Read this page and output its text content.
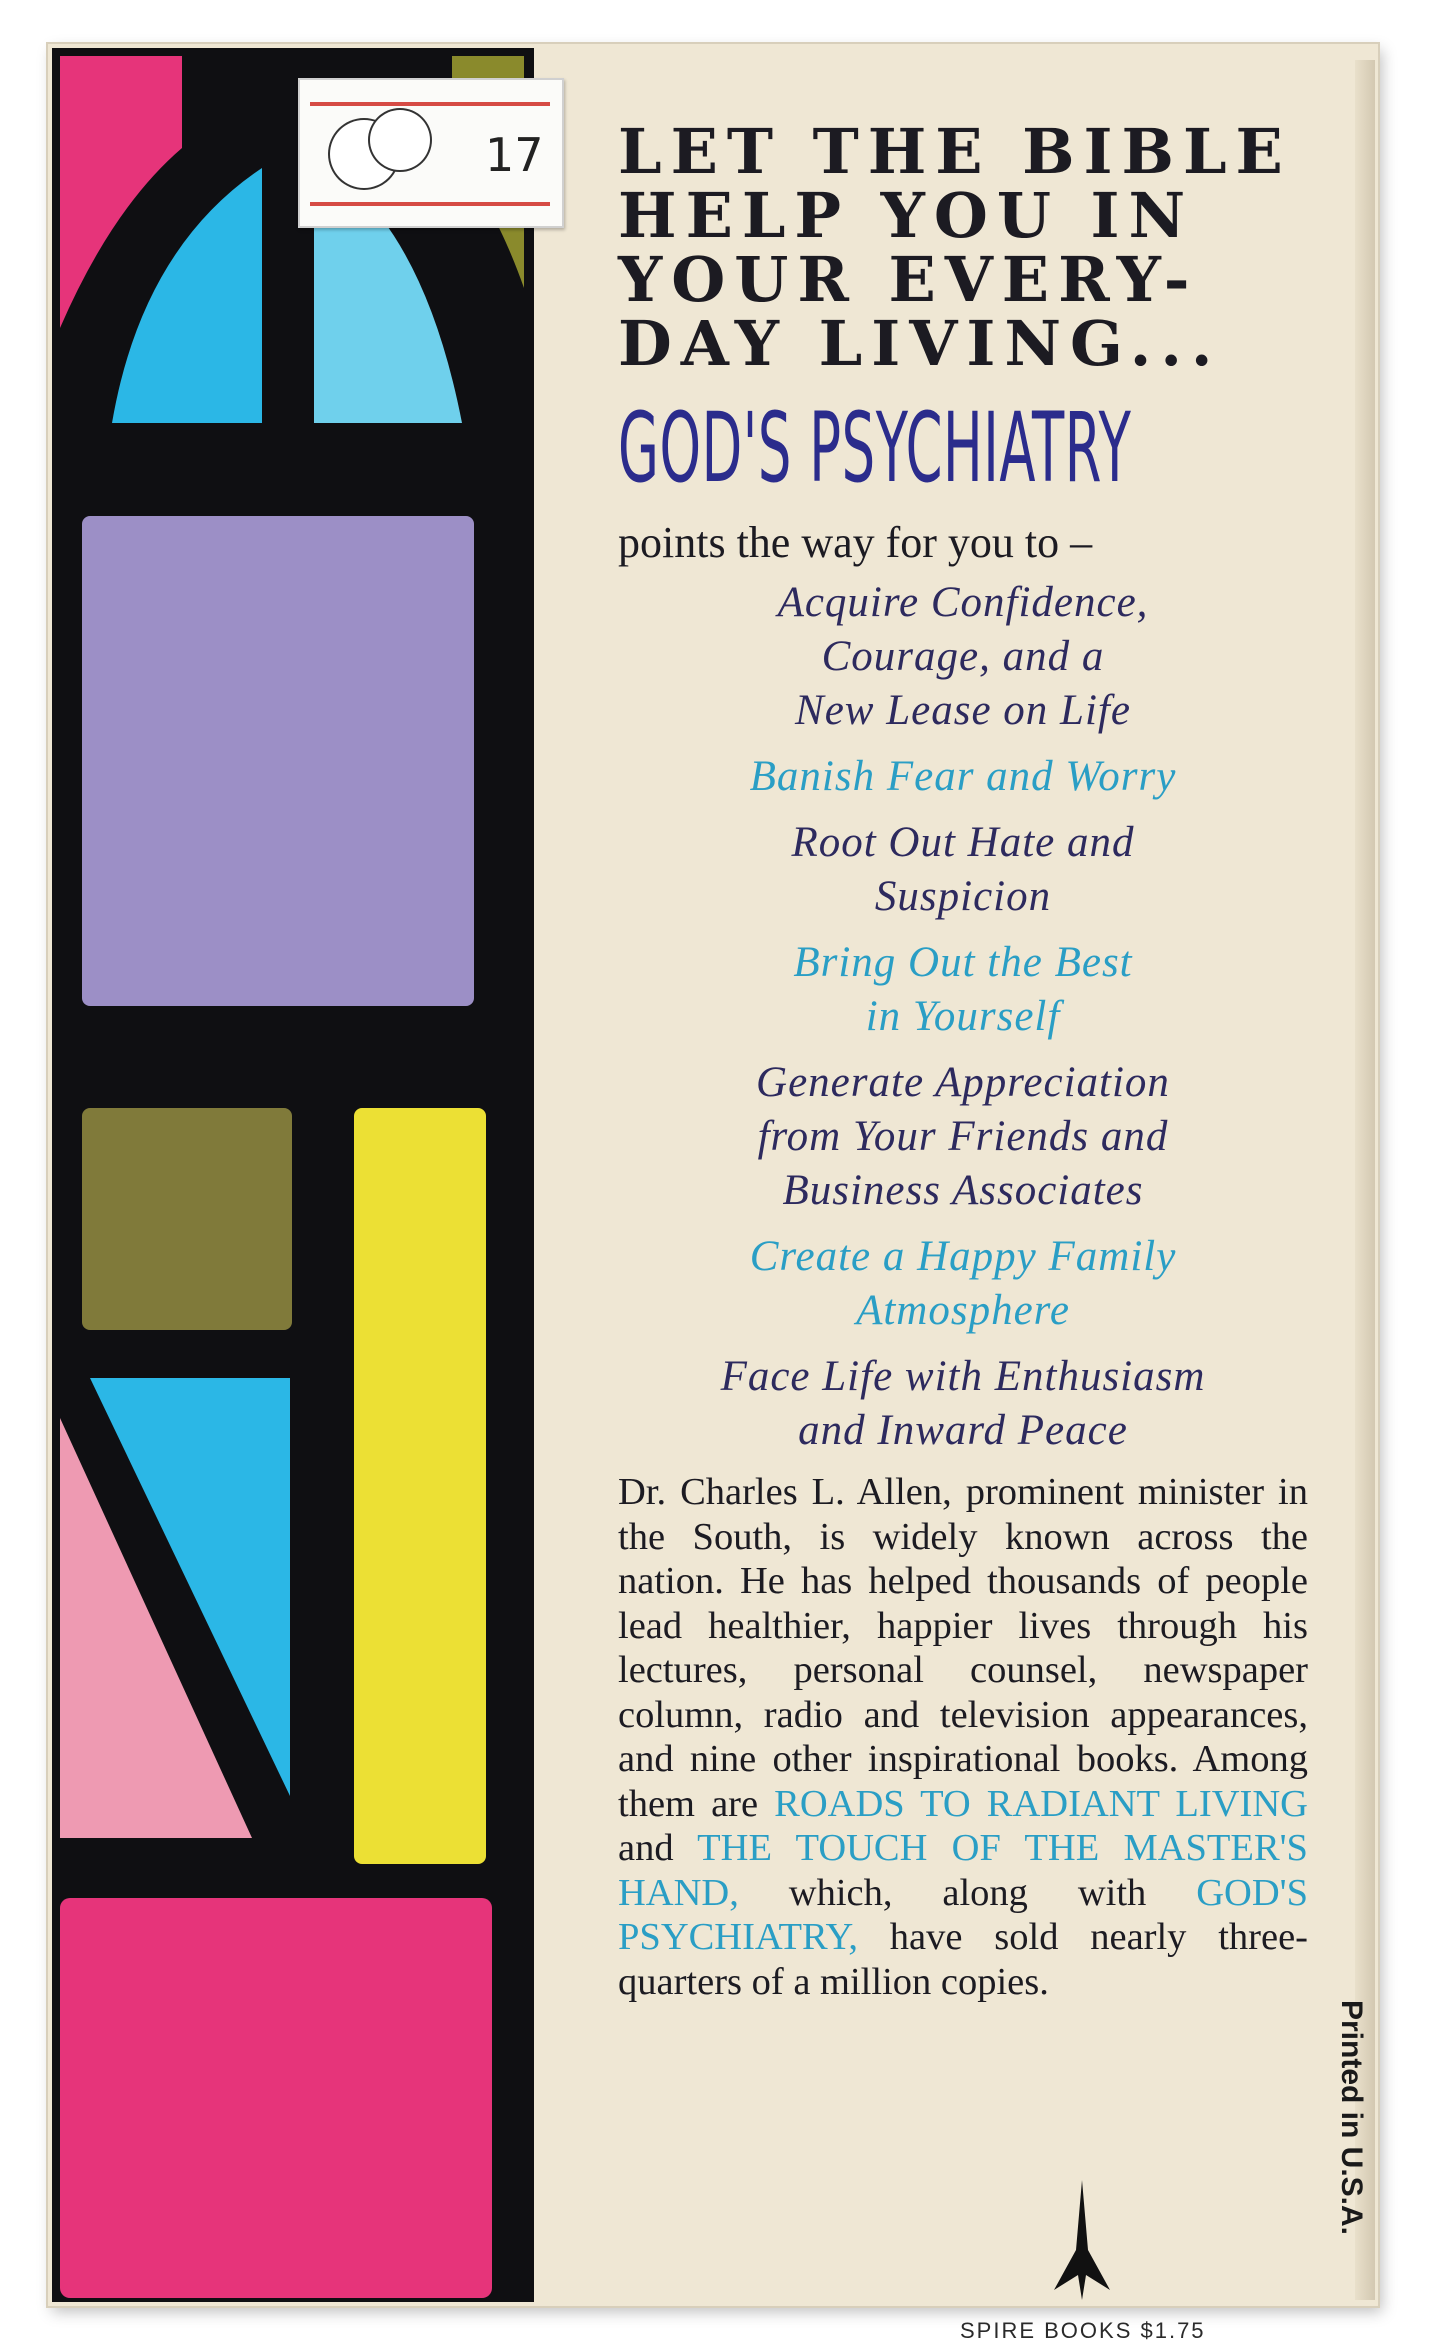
17 LET THE BIBLE

HELP YOU IN

YOUR EVERY-

DAY LIVING...

GOD'S PSYCHIATRY

points the way for you to –

Acquire Confidence,
Courage, and a
New Lease on Life
Banish Fear and Worry
Root Out Hate and
Suspicion
Bring Out the Best
in Yourself
Generate Appreciation
from Your Friends and
Business Associates
Create a Happy Family
Atmosphere
Face Life with Enthusiasm
and Inward Peace
Dr. Charles L. Allen, prominent minister in the South, is widely known across the nation. He has helped thousands of people lead healthier, happier lives through his lectures, personal counsel, newspaper column, radio and television appearances, and nine other inspirational books. Among them are ROADS TO RADIANT LIVING and THE TOUCH OF THE MASTER'S HAND, which, along with GOD'S PSYCHIATRY, have sold nearly three-quarters of a million copies.
Printed in U.S.A.
SPIRE BOOKS $1.75
